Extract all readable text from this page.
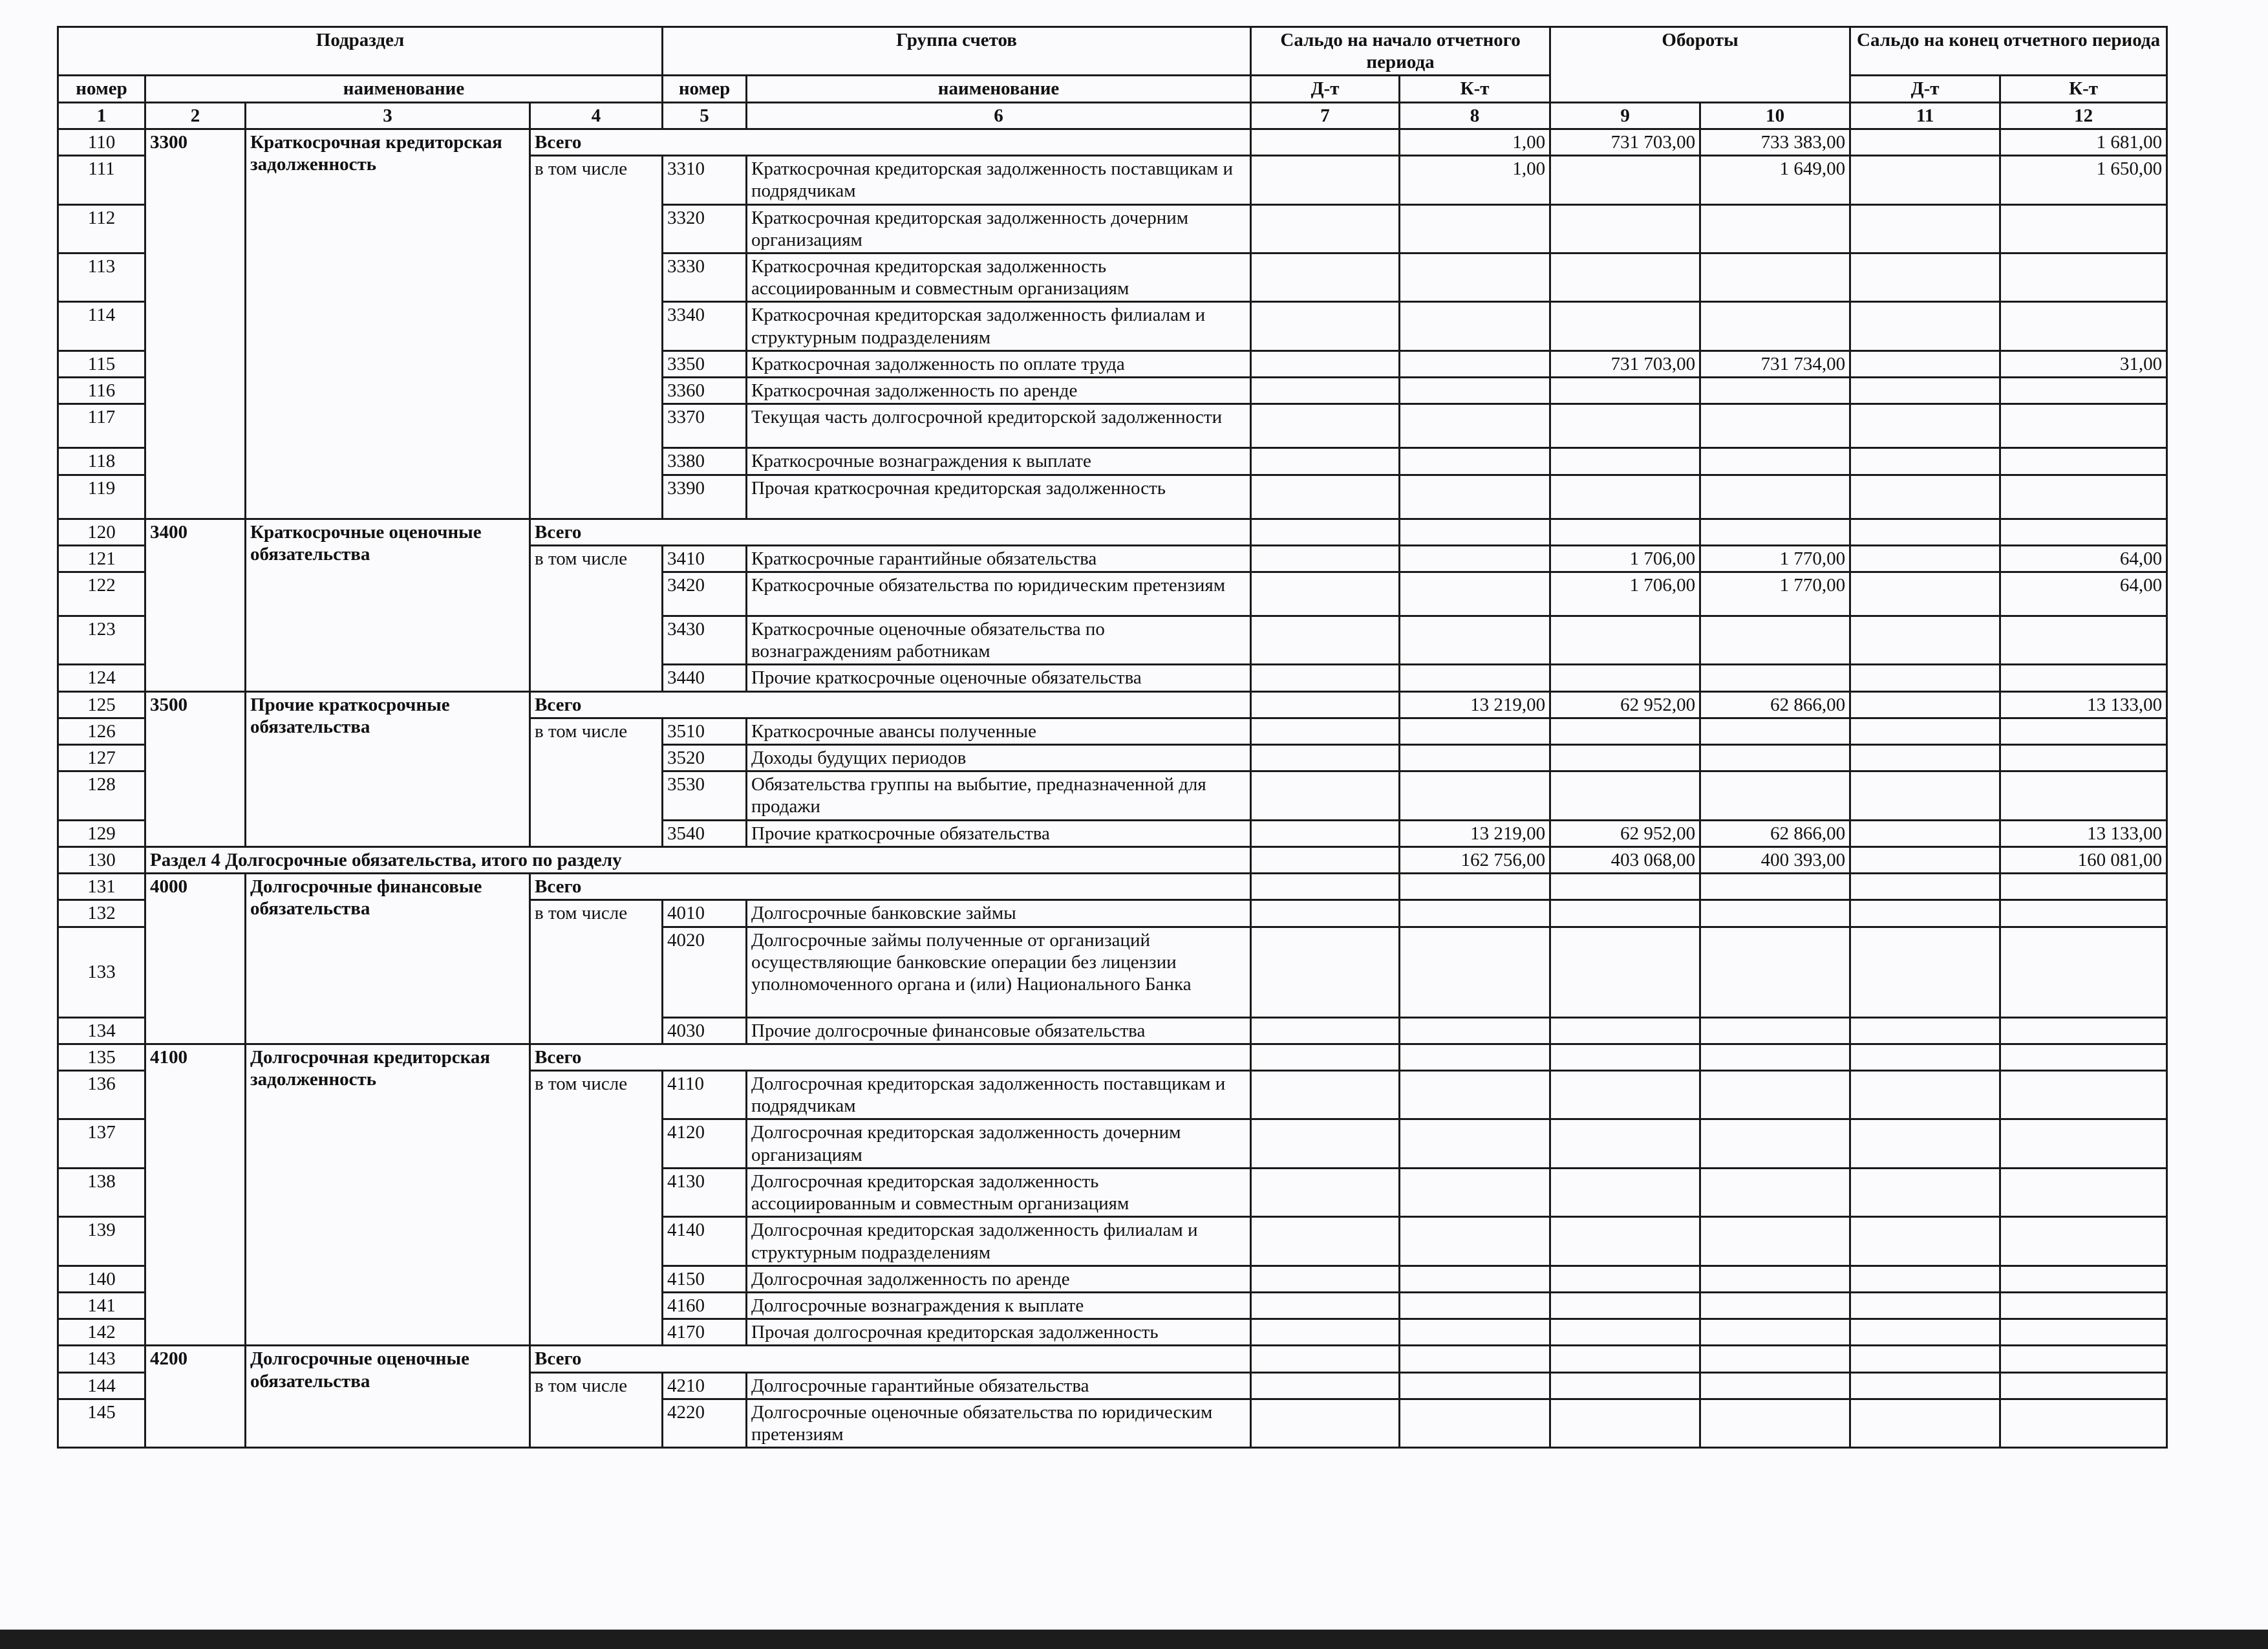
Подраздел				Группа счетов		Сальдо на начало отчетного периода		Обороты		Сальдо на конец отчетного периода	
номер	наименование			номер	наименование	Д-т	К-т			Д-т	К-т
1	2	3	4	5	6	7	8	9	10	11	12
110	3300	Краткосрочная кредиторская задолженность	Всего				1,00	731 703,00	733 383,00		1 681,00
111			в том числе	3310	Краткосрочная кредиторская задолженность поставщикам и подрядчикам		1,00		1 649,00		1 650,00
112				3320	Краткосрочная кредиторская задолженность дочерним организациям						
113				3330	Краткосрочная кредиторская задолженность ассоциированным и совместным организациям						
114				3340	Краткосрочная кредиторская задолженность филиалам и структурным подразделениям						
115				3350	Краткосрочная задолженность по оплате труда			731 703,00	731 734,00		31,00
116				3360	Краткосрочная задолженность по аренде						
117				3370	Текущая часть долгосрочной кредиторской задолженности						
118				3380	Краткосрочные вознаграждения к выплате						
119				3390	Прочая краткосрочная кредиторская задолженность						
120	3400	Краткосрочные оценочные обязательства	Всего								
121			в том числе	3410	Краткосрочные гарантийные обязательства			1 706,00	1 770,00		64,00
122				3420	Краткосрочные обязательства по юридическим претензиям			1 706,00	1 770,00		64,00
123				3430	Краткосрочные оценочные обязательства по вознаграждениям работникам						
124				3440	Прочие краткосрочные оценочные обязательства						
125	3500	Прочие краткосрочные обязательства	Всего				13 219,00	62 952,00	62 866,00		13 133,00
126			в том числе	3510	Краткосрочные авансы полученные						
127				3520	Доходы будущих периодов						
128				3530	Обязательства группы на выбытие, предназначенной для продажи						
129				3540	Прочие краткосрочные обязательства		13 219,00	62 952,00	62 866,00		13 133,00
130	Раздел 4 Долгосрочные обязательства, итого по разделу						162 756,00	403 068,00	400 393,00		160 081,00
131	4000	Долгосрочные финансовые обязательства	Всего								
132			в том числе	4010	Долгосрочные банковские займы						
133				4020	Долгосрочные займы полученные от организаций осуществляющие банковские операции без лицензии уполномоченного органа и (или) Национального Банка						
134				4030	Прочие долгосрочные финансовые обязательства						
135	4100	Долгосрочная кредиторская задолженность	Всего								
136			в том числе	4110	Долгосрочная кредиторская задолженность поставщикам и подрядчикам						
137				4120	Долгосрочная кредиторская задолженность дочерним организациям						
138				4130	Долгосрочная кредиторская задолженность ассоциированным и совместным организациям						
139				4140	Долгосрочная кредиторская задолженность филиалам и структурным подразделениям						
140				4150	Долгосрочная задолженность по аренде						
141				4160	Долгосрочные вознаграждения к выплате						
142				4170	Прочая долгосрочная кредиторская задолженность						
143	4200	Долгосрочные оценочные обязательства	Всего								
144			в том числе	4210	Долгосрочные гарантийные обязательства						
145				4220	Долгосрочные оценочные обязательства по юридическим претензиям						
